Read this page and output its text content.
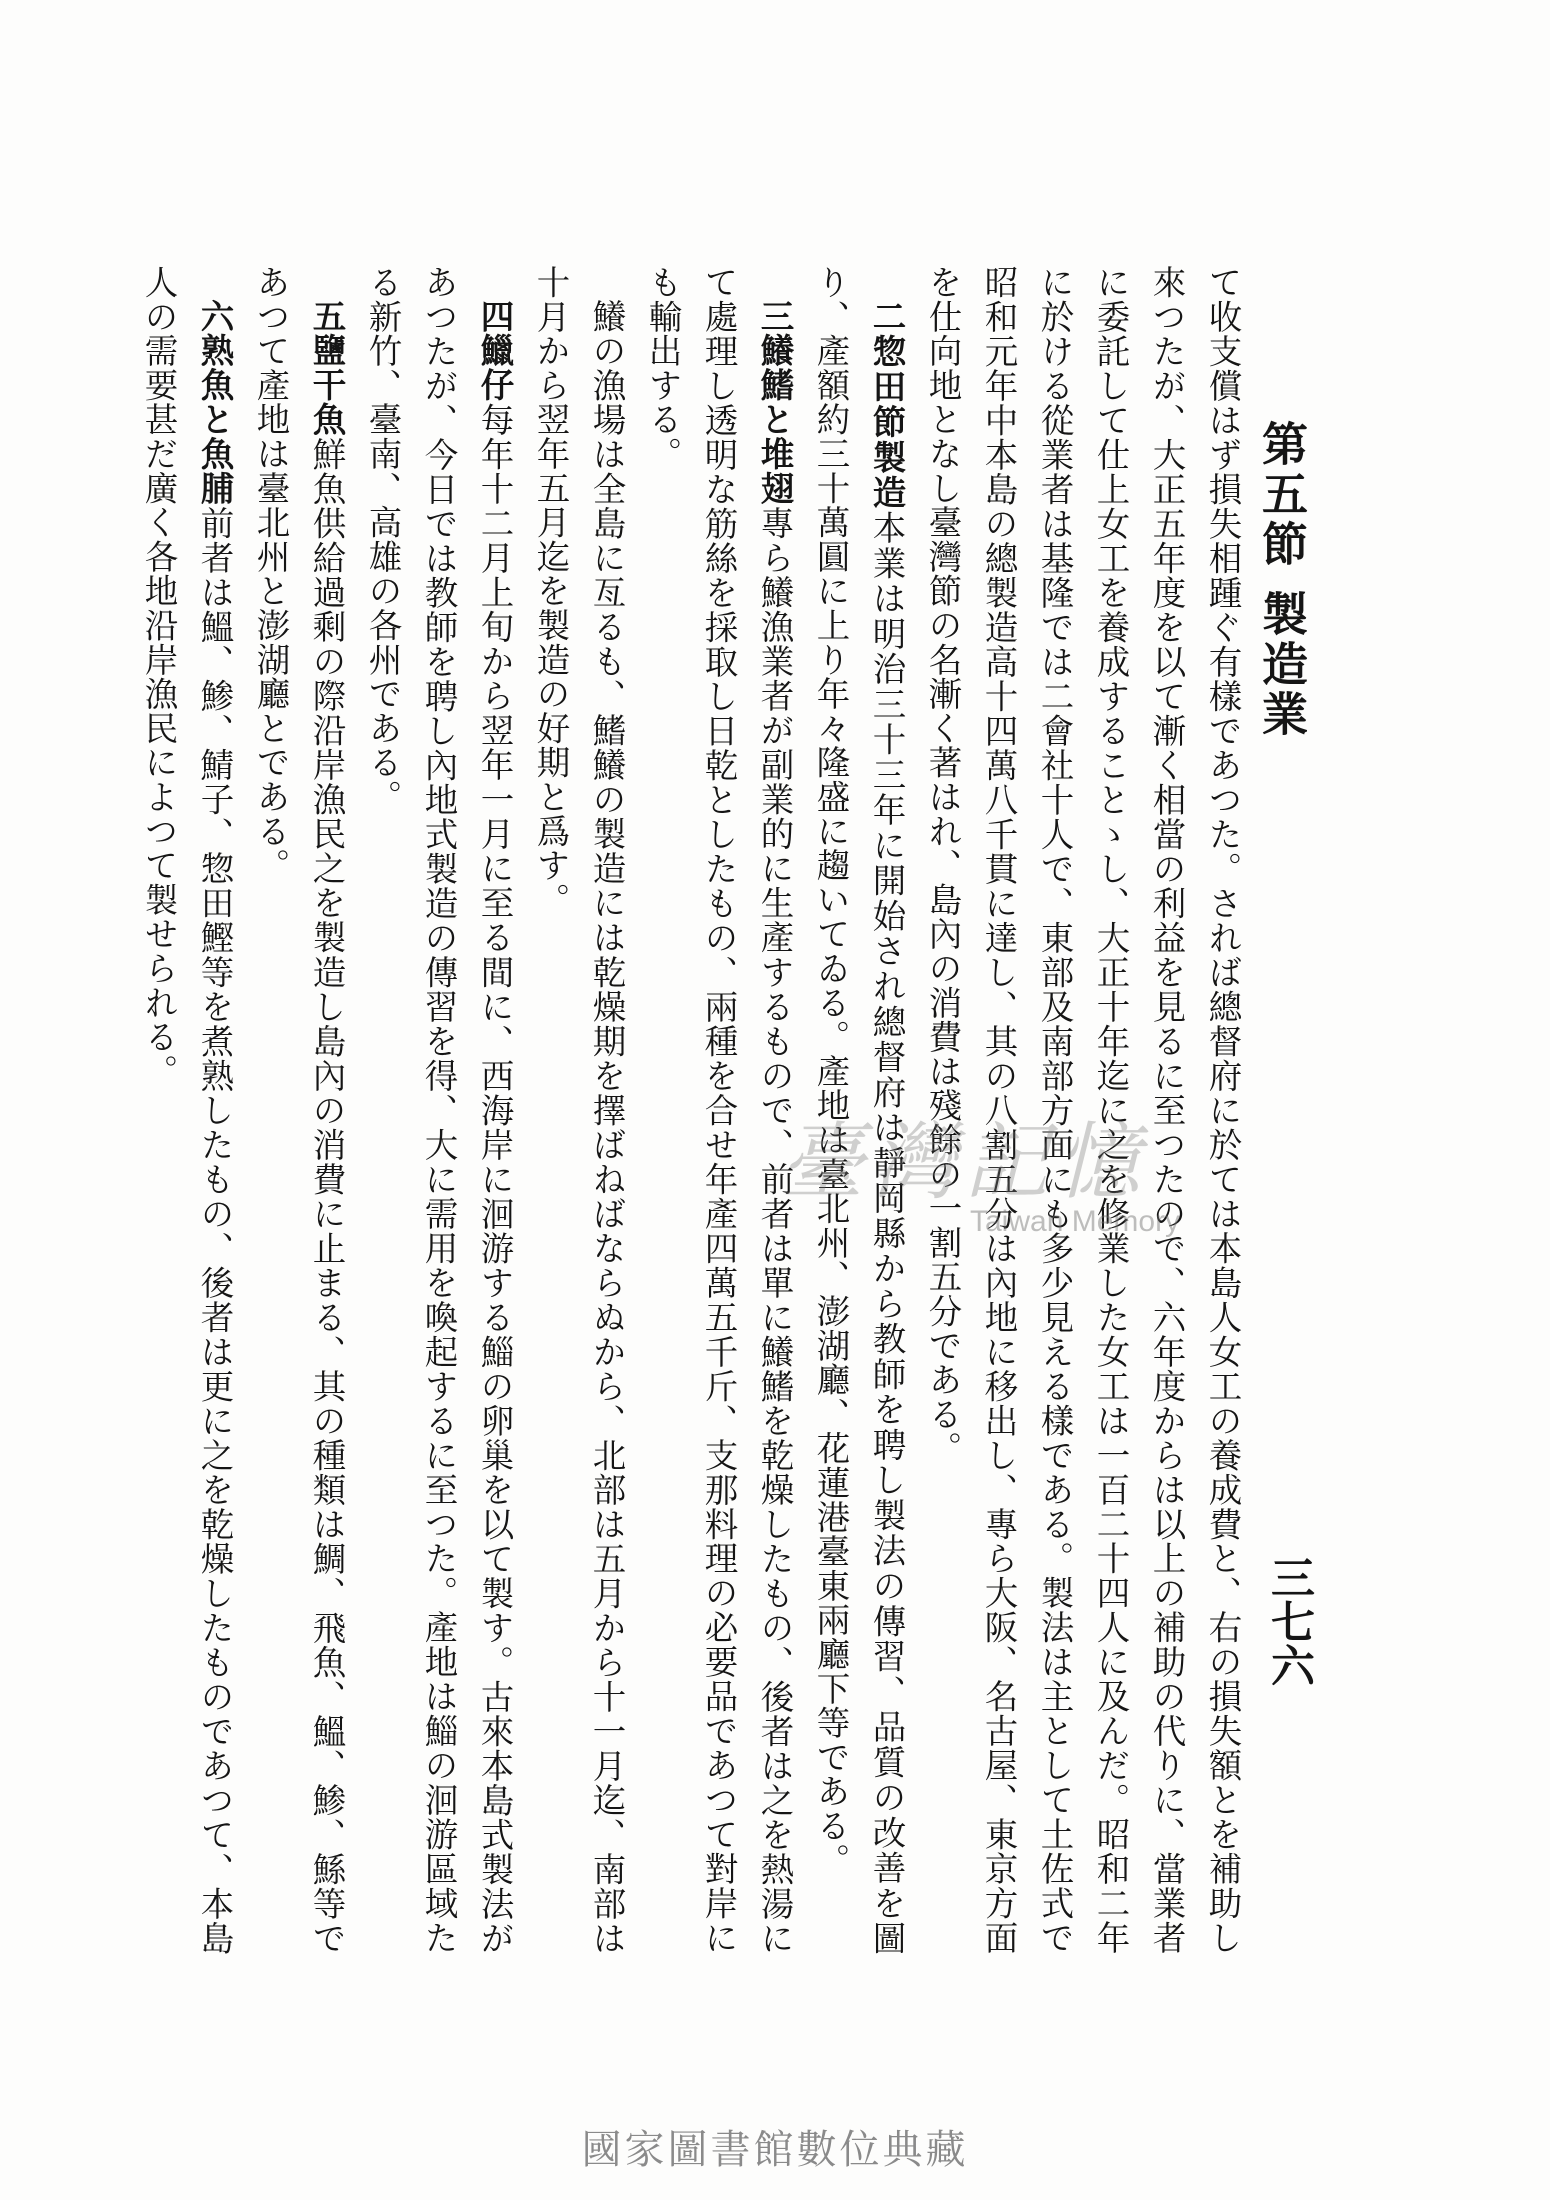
第五節 製造業
三七六

て收支償はず損失相踵ぐ有樣であつた。されば總督府に於ては本島人女工の養成費と、右の損失額とを補助し來つたが、大正五年度を以て漸く相當の利益を見るに至つたので、六年度からは以上の補助の代りに、當業者に委託して仕上女工を養成することゝし、大正十年迄に之を修業した女工は一百二十四人に及んだ。昭和二年に於ける從業者は基隆では二會社十人で、東部及南部方面にも多少見える樣である。製法は主として土佐式で昭和元年中本島の總製造高十四萬八千貫に達し、其の八割五分は內地に移出し、專ら大阪、名古屋、東京方面を仕向地となし臺灣節の名漸く著はれ、島內の消費は殘餘の一割五分である。

二惣田節製造本業は明治三十三年に開始され總督府は靜岡縣から教師を聘し製法の傳習、品質の改善を圖り、產額約三十萬圓に上り年々隆盛に趨いてゐる。產地は臺北州、澎湖廳、花蓮港臺東兩廳下等である。

三鱶鰭と堆翅專ら鱶漁業者が副業的に生產するもので、前者は單に鱶鰭を乾燥したもの、後者は之を熱湯にて處理し透明な筋絲を採取し日乾としたもの、兩種を合せ年產四萬五千斤、支那料理の必要品であつて對岸にも輸出する。

鱶の漁場は全島に亙るも、鰭鱶の製造には乾燥期を擇ばねばならぬから、北部は五月から十一月迄、南部は十月から翌年五月迄を製造の好期と爲す。

四鱲仔每年十二月上旬から翌年一月に至る間に、西海岸に洄游する鯔の卵巢を以て製す。古來本島式製法があつたが、今日では教師を聘し內地式製造の傳習を得、大に需用を喚起するに至つた。產地は鯔の洄游區域たる新竹、臺南、高雄の各州である。

五鹽干魚鮮魚供給過剩の際沿岸漁民之を製造し島內の消費に止まる、其の種類は鯛、飛魚、鰮、鯵、鯀等であつて產地は臺北州と澎湖廳とである。

六熟魚と魚脯前者は鰮、鯵、鯖子、惣田鰹等を煮熟したもの、後者は更に之を乾燥したものであつて、本島人の需要甚だ廣く各地沿岸漁民によつて製せられる。

臺灣記憶
Taiwan Memory
國家圖書館數位典藏
